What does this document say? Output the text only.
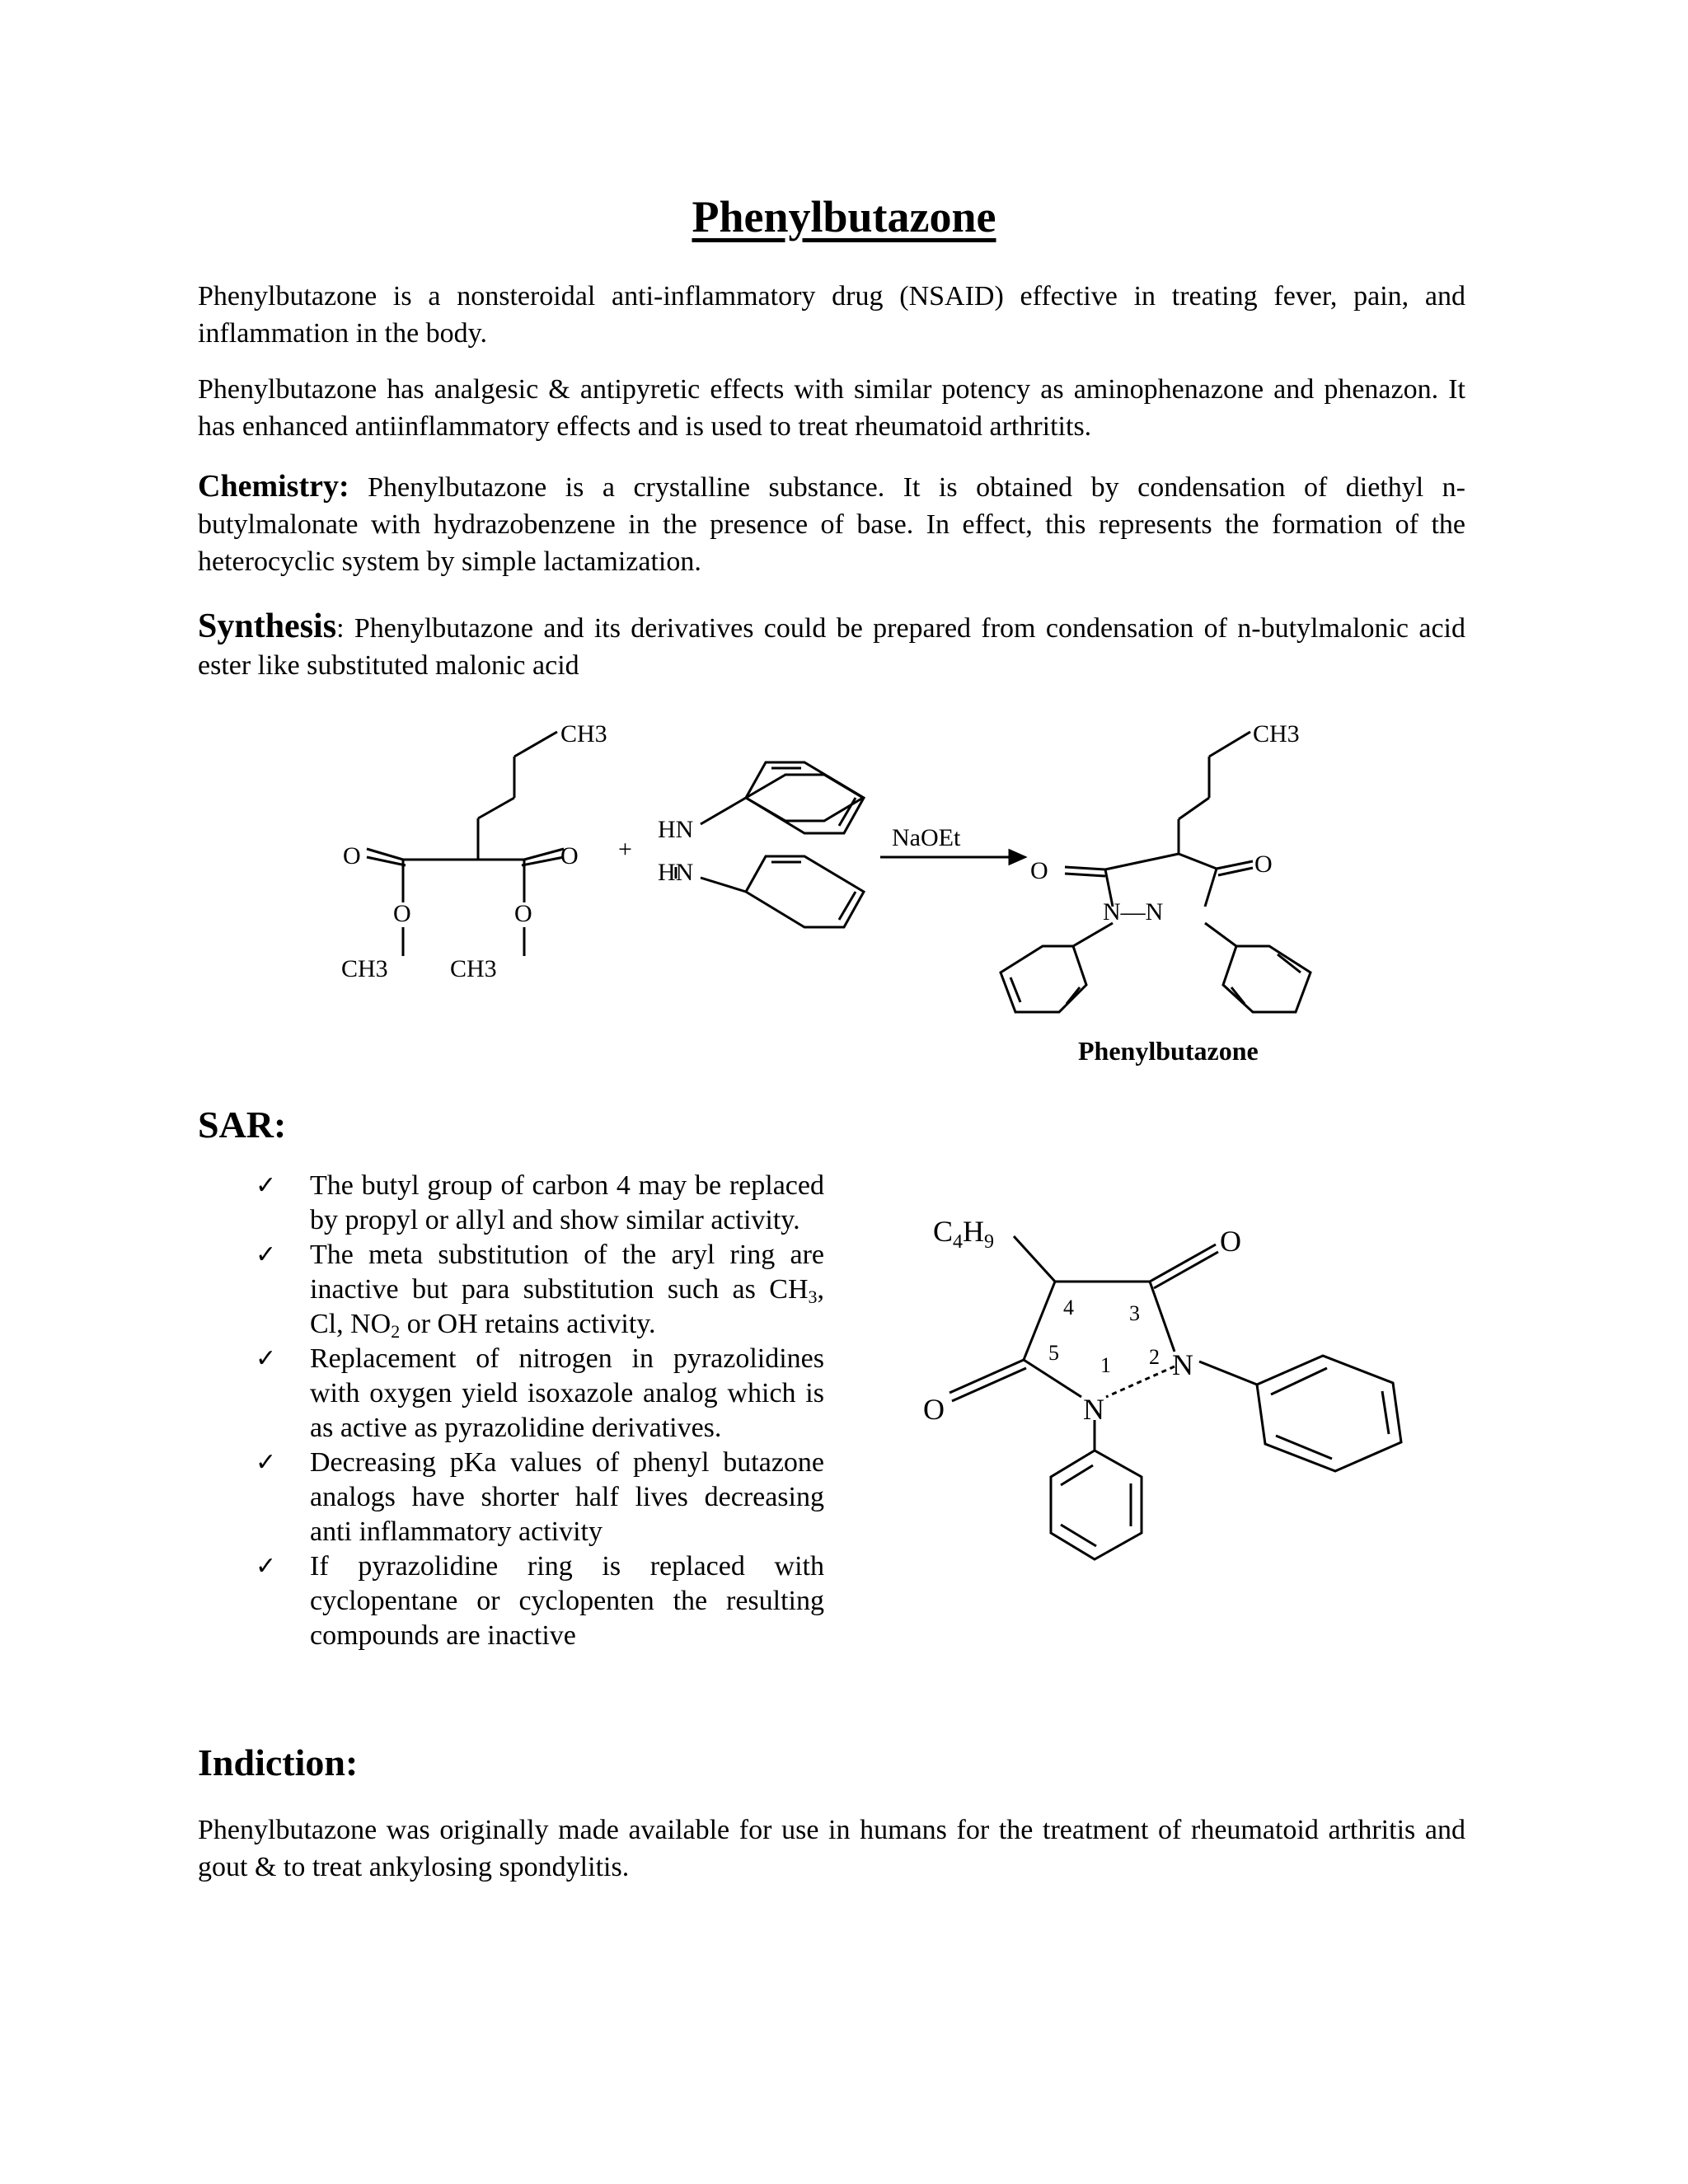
Phenylbutazone

Phenylbutazone is a nonsteroidal anti-inflammatory drug (NSAID) effective in treating fever, pain, and inflammation in the body.

Phenylbutazone has analgesic & antipyretic effects with similar potency as aminophenazone and phenazon. It has enhanced antiinflammatory effects and is used to treat rheumatoid arthritits.

Chemistry: Phenylbutazone is a crystalline substance. It is obtained by condensation of diethyl n-butylmalonate with hydrazobenzene in the presence of base. In effect, this represents the formation of the heterocyclic system by simple lactamization.

Synthesis: Phenylbutazone and its derivatives could be prepared from condensation of n-butylmalonic acid ester like substituted malonic acid

CH3
O	O
O	O
CH3	CH3
+
HN
HN
NaOEt
CH3
O	O
N—N
Phenylbutazone
SAR:
✓ The butyl group of carbon 4 may be replaced by propyl or allyl and show similar activity.
✓ The meta substitution of the aryl ring are inactive but para substitution such as $CH_3$, Cl, $NO_2$ or OH retains activity.
✓ Replacement of nitrogen in pyrazolidines with oxygen yield isoxazole analog which is as active as pyrazolidine derivatives.
✓ Decreasing pKa values of phenyl butazone analogs have shorter half lives decreasing anti inflammatory activity
✓ If pyrazolidine ring is replaced with cyclopentane or cyclopenten the resulting compounds are inactive
$C_4H_9$	O
O
N
N
1 2
3
4
5
Indiction:

Phenylbutazone was originally made available for use in humans for the treatment of rheumatoid arthritis and gout & to treat ankylosing spondylitis.
